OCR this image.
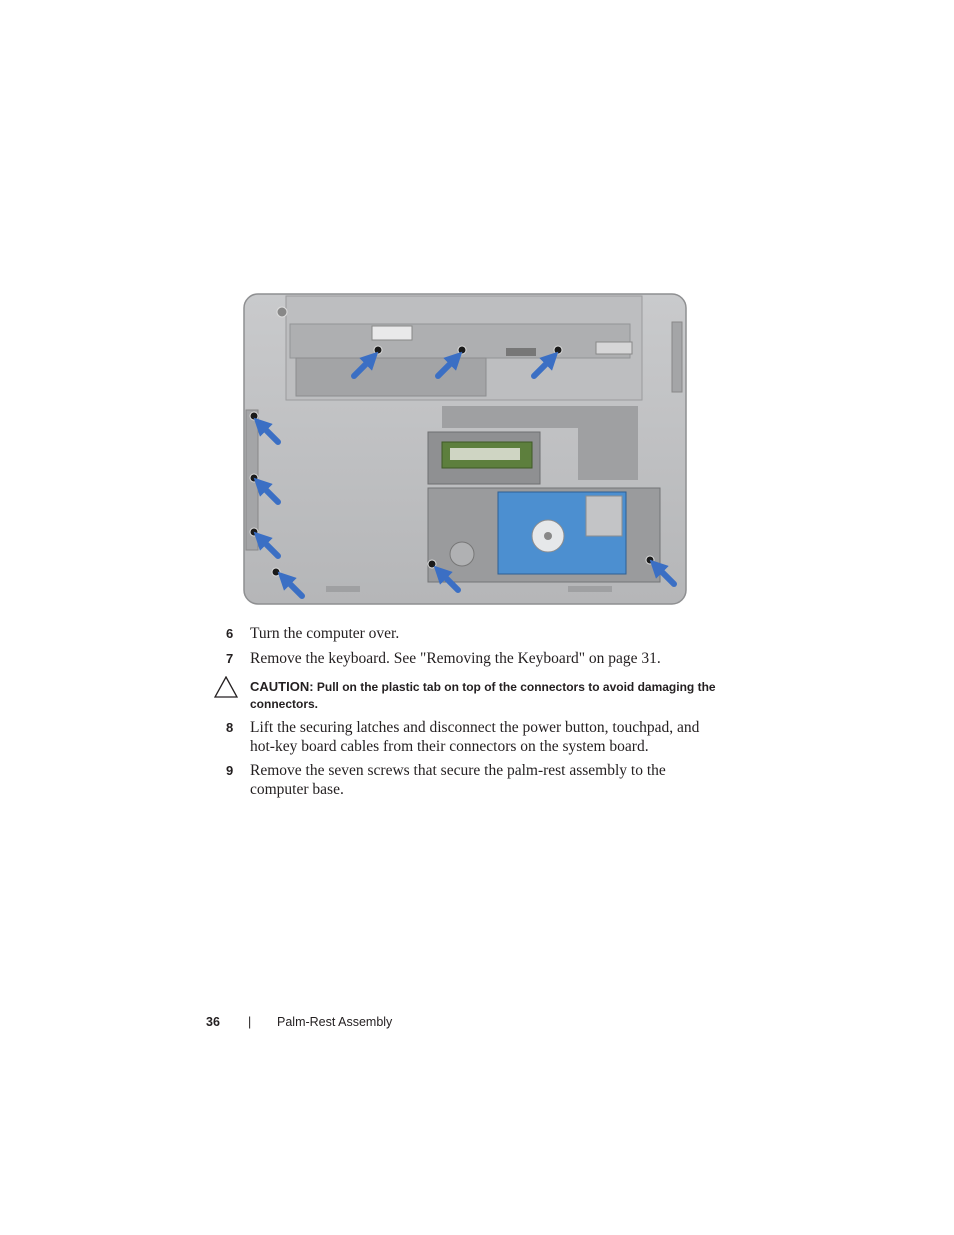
6	Turn the computer over.
7	Remove the keyboard. See "Removing the Keyboard" on page 31.
CAUTION: Pull on the plastic tab on top of the connectors to avoid damaging the connectors.
8	Lift the securing latches and disconnect the power button, touchpad, and hot-key board cables from their connectors on the system board.
9	Remove the seven screws that secure the palm-rest assembly to the computer base.
36 | Palm-Rest Assembly
